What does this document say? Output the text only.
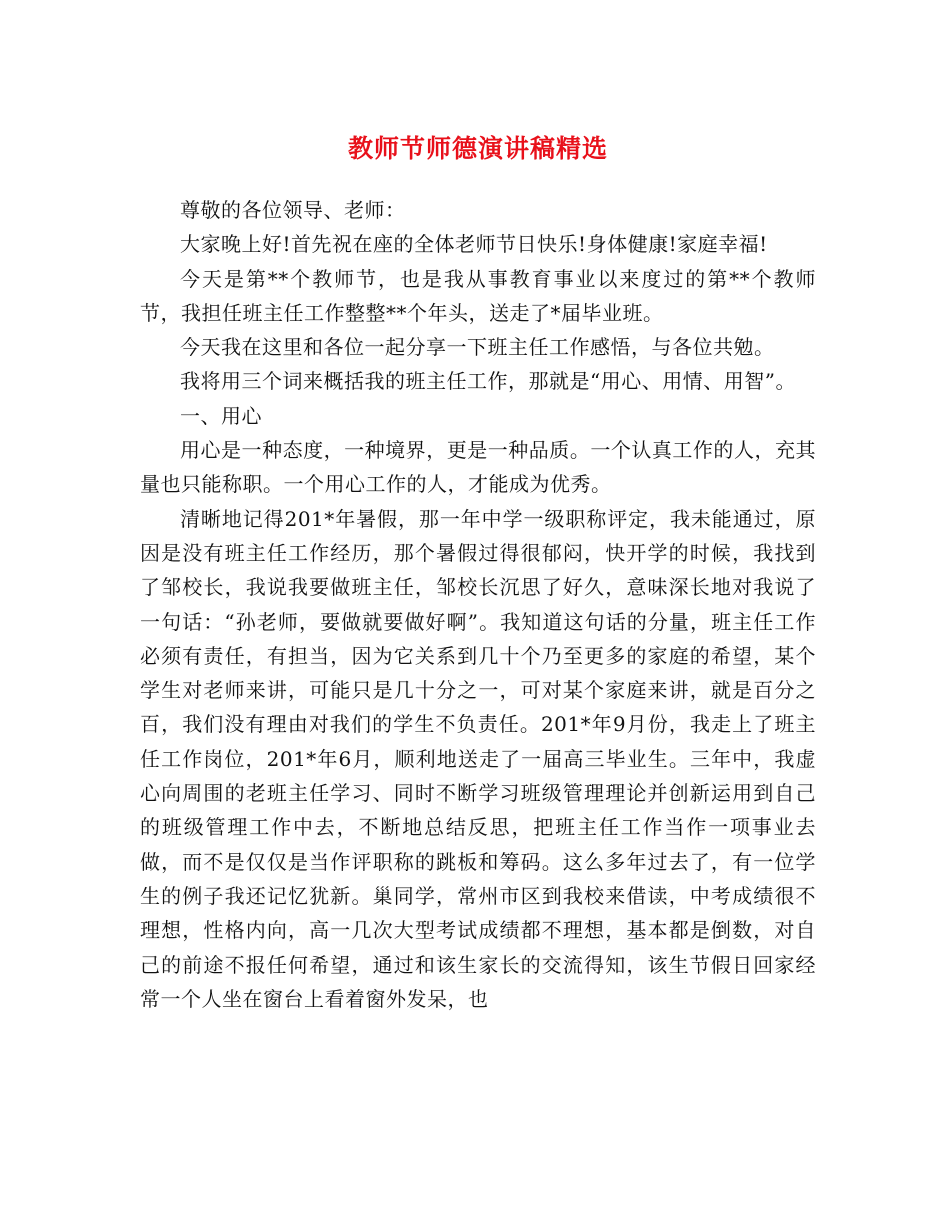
教师节师德演讲稿精选

尊敬的各位领导、老师：

大家晚上好!首先祝在座的全体老师节日快乐!身体健康!家庭幸福!

今天是第**个教师节，也是我从事教育事业以来度过的第**个教师节，我担任班主任工作整整**个年头，送走了*届毕业班。

今天我在这里和各位一起分享一下班主任工作感悟，与各位共勉。

我将用三个词来概括我的班主任工作，那就是“用心、用情、用智”。

一、用心

用心是一种态度，一种境界，更是一种品质。一个认真工作的人，充其量也只能称职。一个用心工作的人，才能成为优秀。

清晰地记得201*年暑假，那一年中学一级职称评定，我未能通过，原因是没有班主任工作经历，那个暑假过得很郁闷，快开学的时候，我找到了邹校长，我说我要做班主任，邹校长沉思了好久，意味深长地对我说了一句话：“孙老师，要做就要做好啊”。我知道这句话的分量，班主任工作必须有责任，有担当，因为它关系到几十个乃至更多的家庭的希望，某个学生对老师来讲，可能只是几十分之一，可对某个家庭来讲，就是百分之百，我们没有理由对我们的学生不负责任。201*年9月份，我走上了班主任工作岗位，201*年6月，顺利地送走了一届高三毕业生。三年中，我虚心向周围的老班主任学习、同时不断学习班级管理理论并创新运用到自己的班级管理工作中去，不断地总结反思，把班主任工作当作一项事业去做，而不是仅仅是当作评职称的跳板和筹码。这么多年过去了，有一位学生的例子我还记忆犹新。巢同学，常州市区到我校来借读，中考成绩很不理想，性格内向，高一几次大型考试成绩都不理想，基本都是倒数，对自己的前途不报任何希望，通过和该生家长的交流得知，该生节假日回家经常一个人坐在窗台上看着窗外发呆，也
